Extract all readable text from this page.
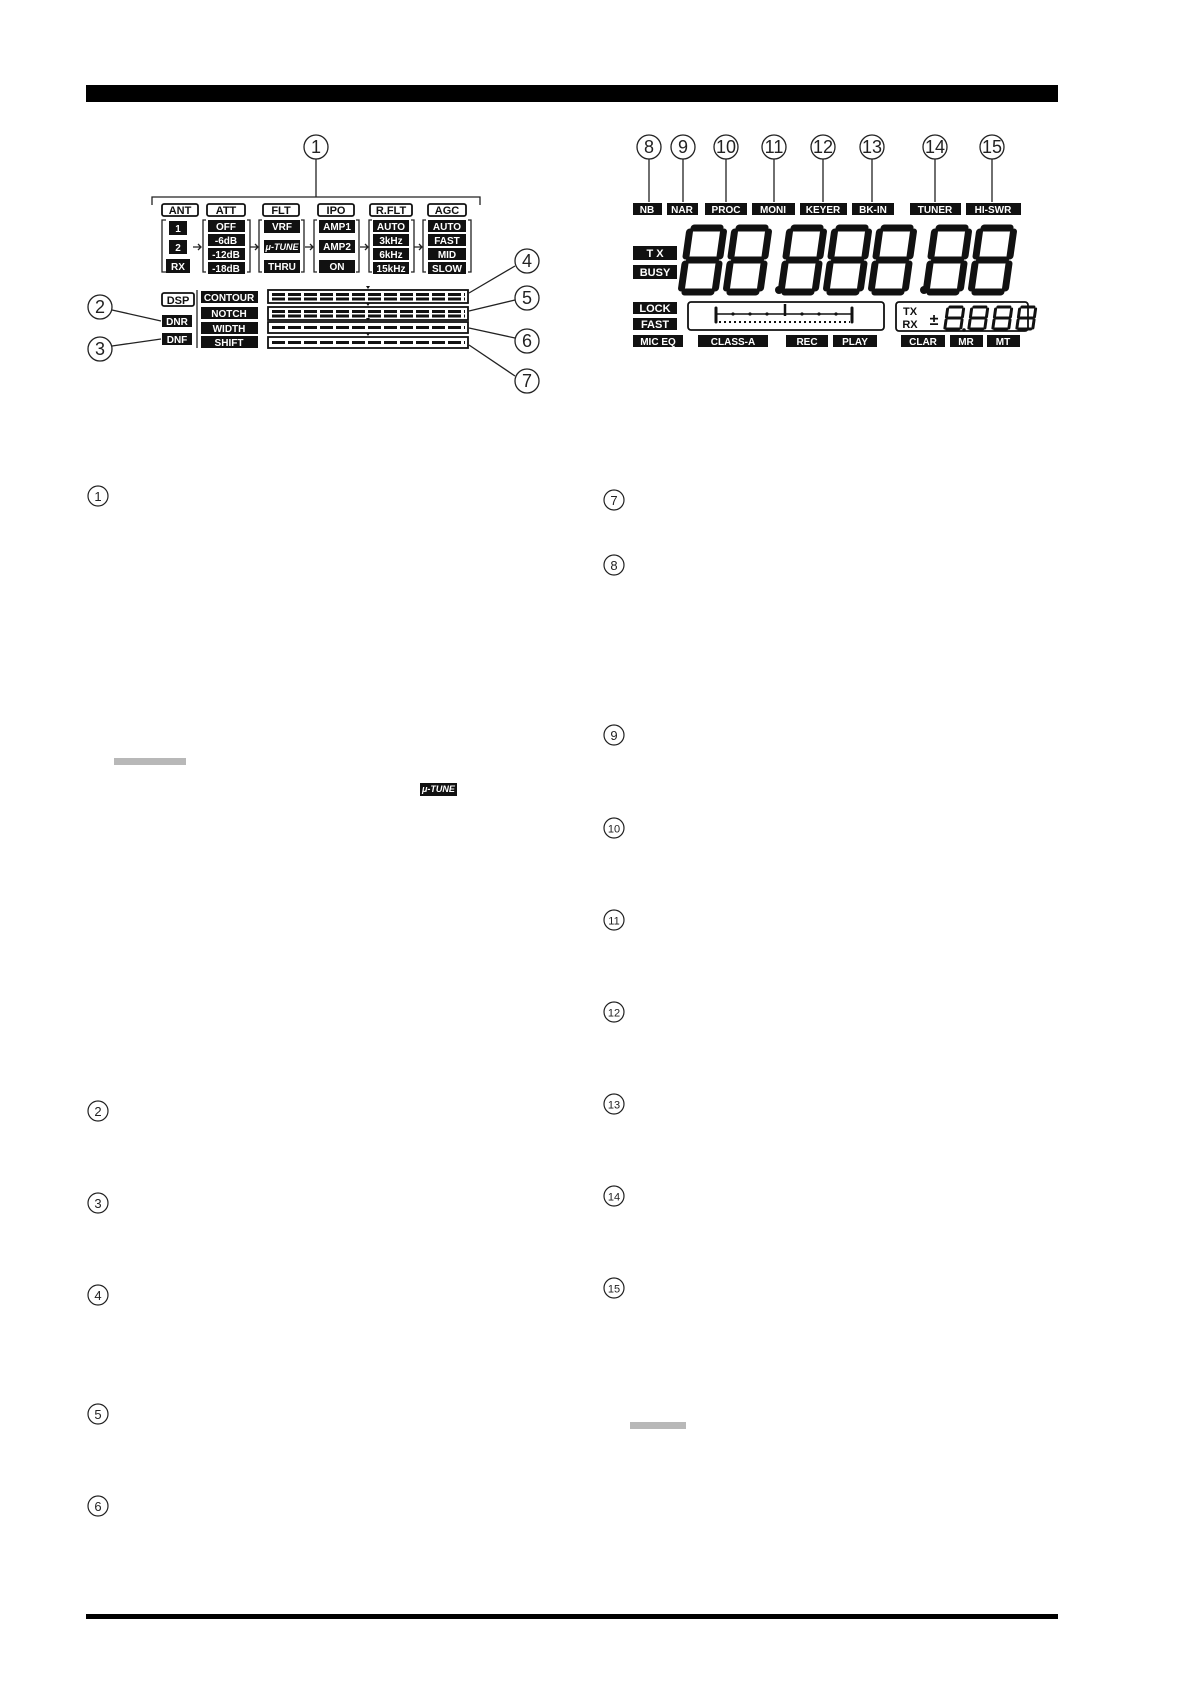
1
ANT
1
2
RX
ATT
OFF
-6dB
-12dB
-18dB
FLT
VRF
μ-TUNE
THRU
IPO
AMP1
AMP2
ON
R.FLT
AUTO
3kHz
6kHz
15kHz
AGC
AUTO
FAST
MID
SLOW
DSP
DNR
DNF
CONTOUR
NOTCH
WIDTH
SHIFT
2
3
4
5
6
7
8 9 10 11 12 13 14 15
NB NAR PROC MONI KEYER BK-IN	TUNER HI-SWR
T X
BUSY
88.888.88
LOCK
FAST
MIC EQ	CLASS-A	REC PLAY
TX
RX ±
8.888
CLAR MR MT
1
2
3
4
5
6
μ-TUNE
7
8
9
10
11
12
13
14
15
